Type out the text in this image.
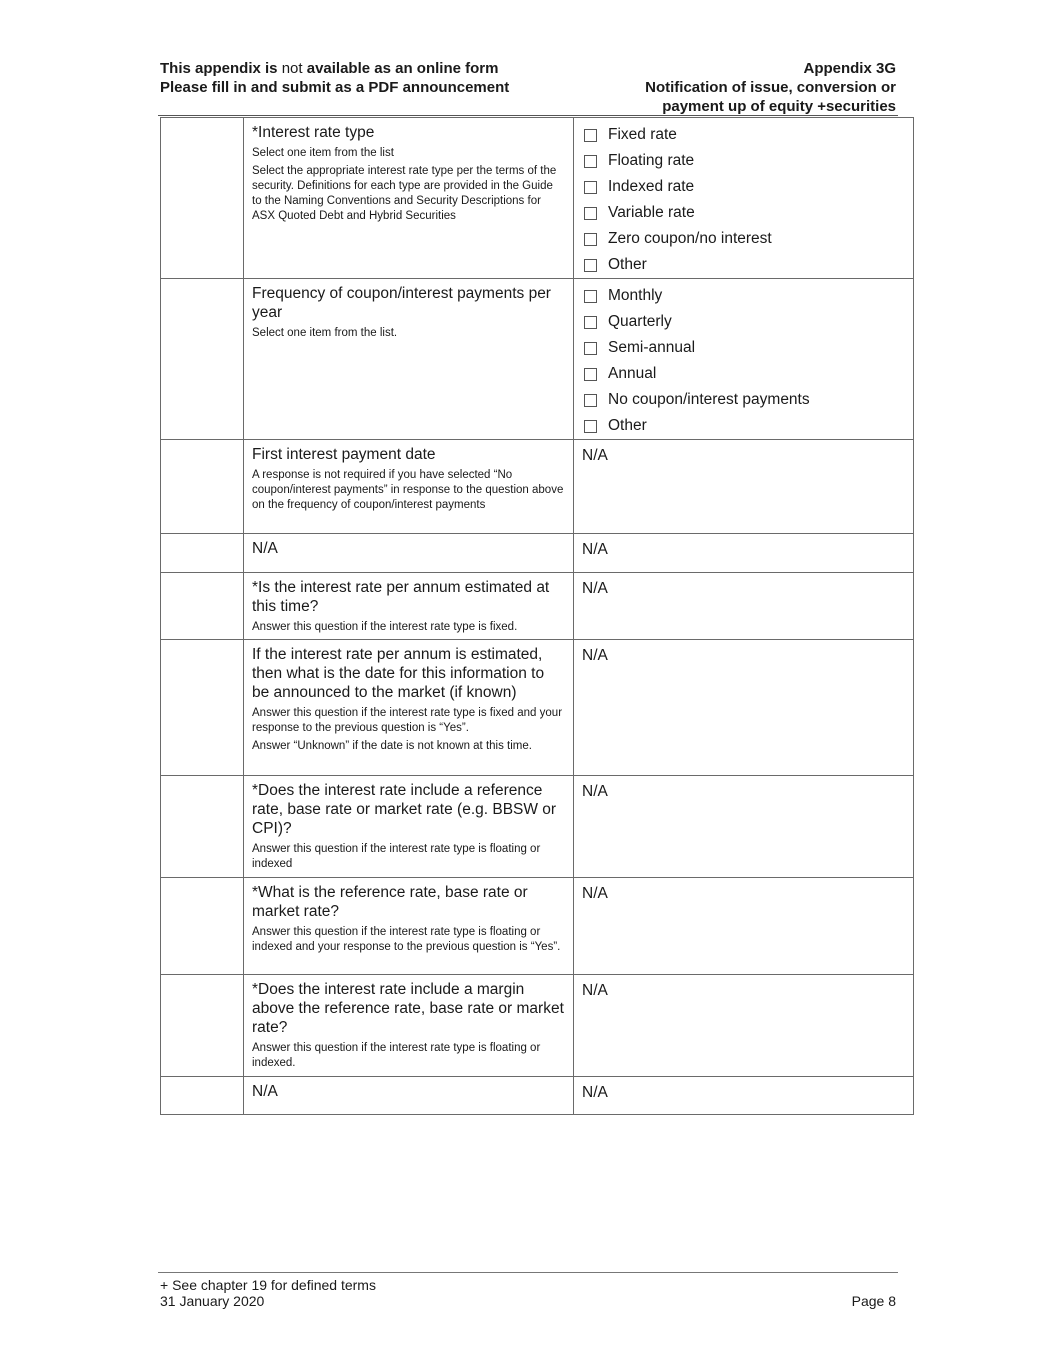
This appendix is not available as an online form
Please fill in and submit as a PDF announcement
Appendix 3G
Notification of issue, conversion or
payment up of equity +securities

*Interest rate type
Select one item from the list
Select the appropriate interest rate type per the terms of the security. Definitions for each type are provided in the Guide to the Naming Conventions and Security Descriptions for ASX Quoted Debt and Hybrid Securities

Fixed rate
Floating rate
Indexed rate
Variable rate
Zero coupon/no interest
Other

Frequency of coupon/interest payments per year
Select one item from the list.

Monthly
Quarterly
Semi-annual
Annual
No coupon/interest payments
Other

	First interest payment date
A response is not required if you have selected “No coupon/interest payments” in response to the question above on the frequency of coupon/interest payments	N/A

	N/A	N/A

	*Is the interest rate per annum estimated at this time?
Answer this question if the interest rate type is fixed.	N/A

	If the interest rate per annum is estimated, then what is the date for this information to be announced to the market (if known)
Answer this question if the interest rate type is fixed and your response to the previous question is “Yes”.
Answer “Unknown” if the date is not known at this time.	N/A

	*Does the interest rate include a reference rate, base rate or market rate (e.g. BBSW or CPI)?
Answer this question if the interest rate type is floating or indexed	N/A

	*What is the reference rate, base rate or market rate?
Answer this question if the interest rate type is floating or indexed and your response to the previous question is “Yes”.	N/A

	*Does the interest rate include a margin above the reference rate, base rate or market rate?
Answer this question if the interest rate type is floating or indexed.	N/A

	N/A	N/A
+ See chapter 19 for defined terms
31 January 2020	Page 8
